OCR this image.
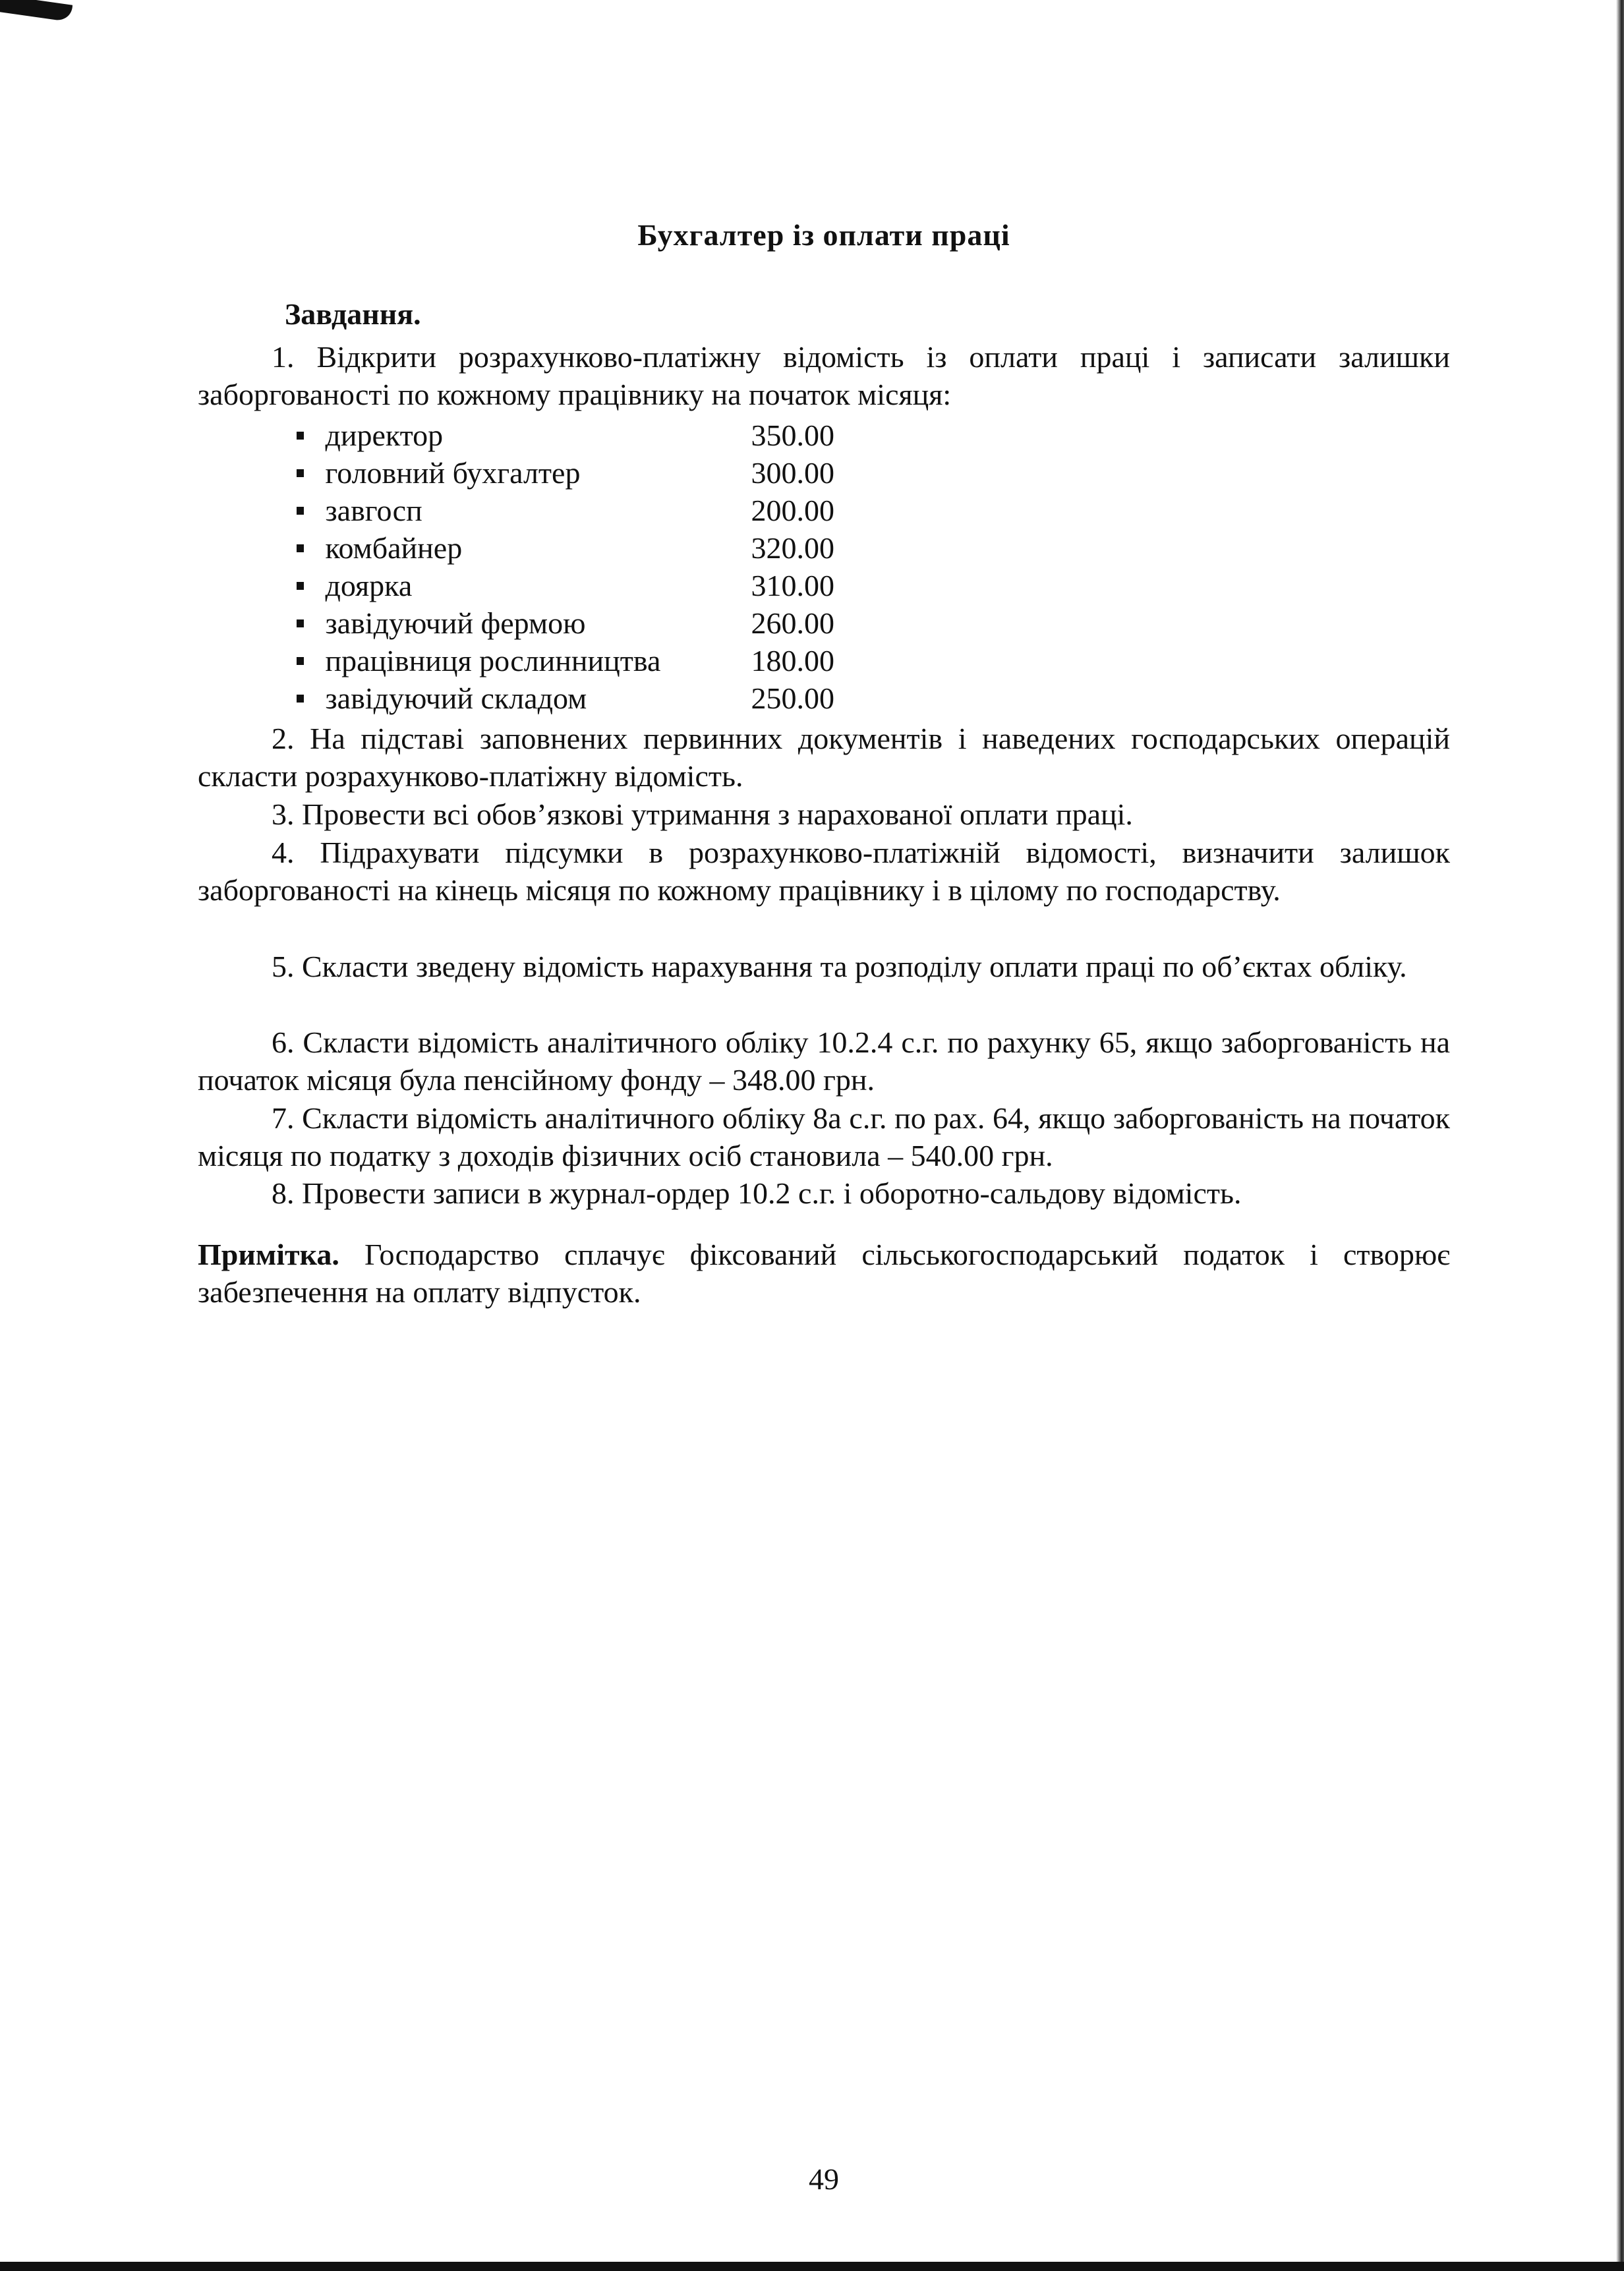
Бухгалтер із оплати праці
Завдання.
1. Відкрити розрахунково-платіжну відомість із оплати праці і записати залишки заборгованості по кожному працівнику на початок місяця:
директор	350.00
головний бухгалтер	300.00
завгосп	200.00
комбайнер	320.00
доярка	310.00
завідуючий фермою	260.00
працівниця рослинництва	180.00
завідуючий складом	250.00
2. На підставі заповнених первинних документів і наведених господарських операцій скласти розрахунково-платіжну відомість.
3. Провести всі обов’язкові утримання з нарахованої оплати праці.
4. Підрахувати підсумки в розрахунково-платіжній відомості, визначити залишок заборгованості на кінець місяця по кожному працівнику і в цілому по господарству.
5. Скласти зведену відомість нарахування та розподілу оплати праці по об’єктах обліку.
6. Скласти відомість аналітичного обліку 10.2.4 с.г. по рахунку 65, якщо заборгованість на початок місяця була пенсійному фонду – 348.00 грн.
7. Скласти відомість аналітичного обліку 8а с.г. по рах. 64, якщо заборгованість на початок місяця по податку з доходів фізичних осіб становила – 540.00 грн.
8. Провести записи в журнал-ордер 10.2 с.г. і оборотно-сальдову відомість.
Примітка. Господарство сплачує фіксований сільськогосподарський податок і створює забезпечення на оплату відпусток.
49
